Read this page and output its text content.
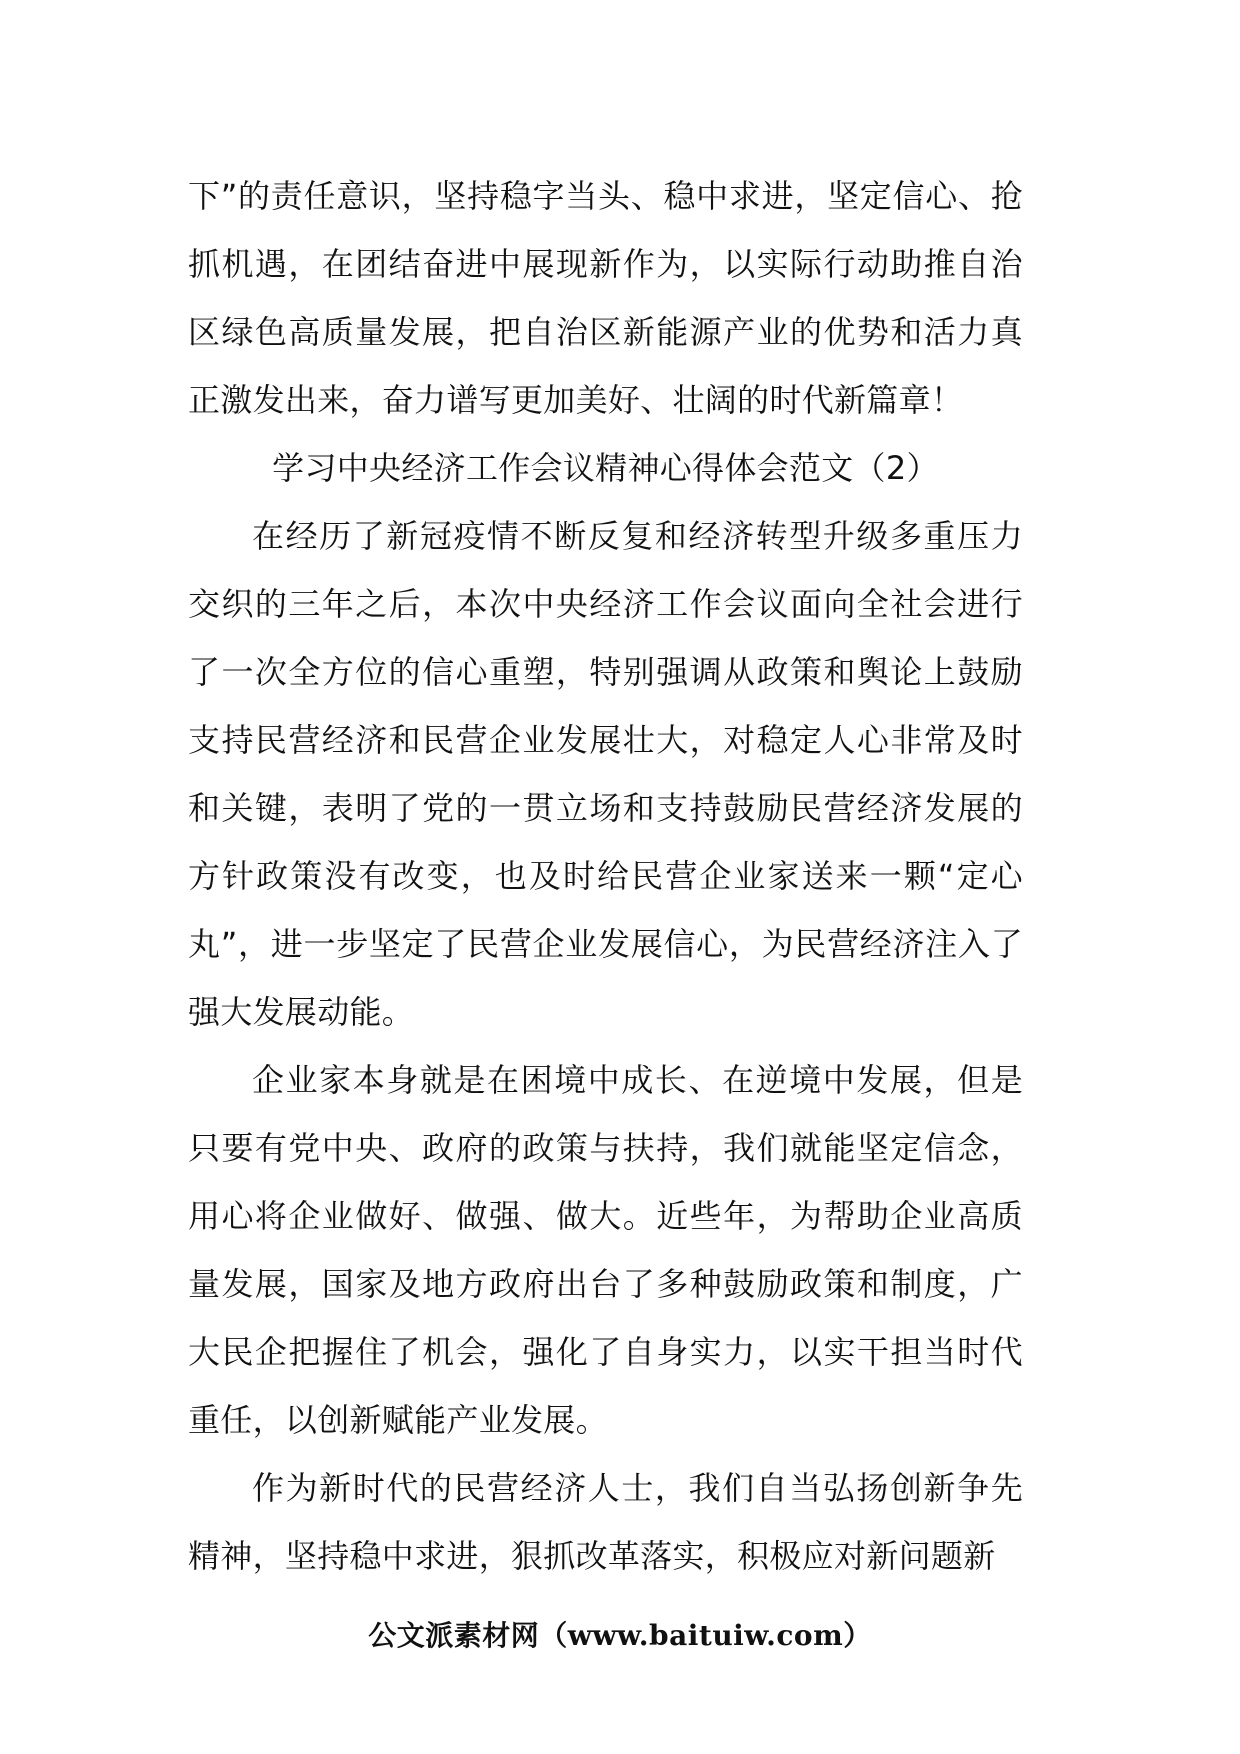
下”的责任意识，坚持稳字当头、稳中求进，坚定信心、抢抓机遇，在团结奋进中展现新作为，以实际行动助推自治区绿色高质量发展，把自治区新能源产业的优势和活力真正激发出来，奋力谱写更加美好、壮阔的时代新篇章！

学习中央经济工作会议精神心得体会范文（2）

在经历了新冠疫情不断反复和经济转型升级多重压力交织的三年之后，本次中央经济工作会议面向全社会进行了一次全方位的信心重塑，特别强调从政策和舆论上鼓励支持民营经济和民营企业发展壮大，对稳定人心非常及时和关键，表明了党的一贯立场和支持鼓励民营经济发展的方针政策没有改变，也及时给民营企业家送来一颗“定心丸”，进一步坚定了民营企业发展信心，为民营经济注入了强大发展动能。

企业家本身就是在困境中成长、在逆境中发展，但是只要有党中央、政府的政策与扶持，我们就能坚定信念，用心将企业做好、做强、做大。近些年，为帮助企业高质量发展，国家及地方政府出台了多种鼓励政策和制度，广大民企把握住了机会，强化了自身实力，以实干担当时代重任，以创新赋能产业发展。

作为新时代的民营经济人士，我们自当弘扬创新争先精神，坚持稳中求进，狠抓改革落实，积极应对新问题新

公文派素材网（www.baituiw.com）
